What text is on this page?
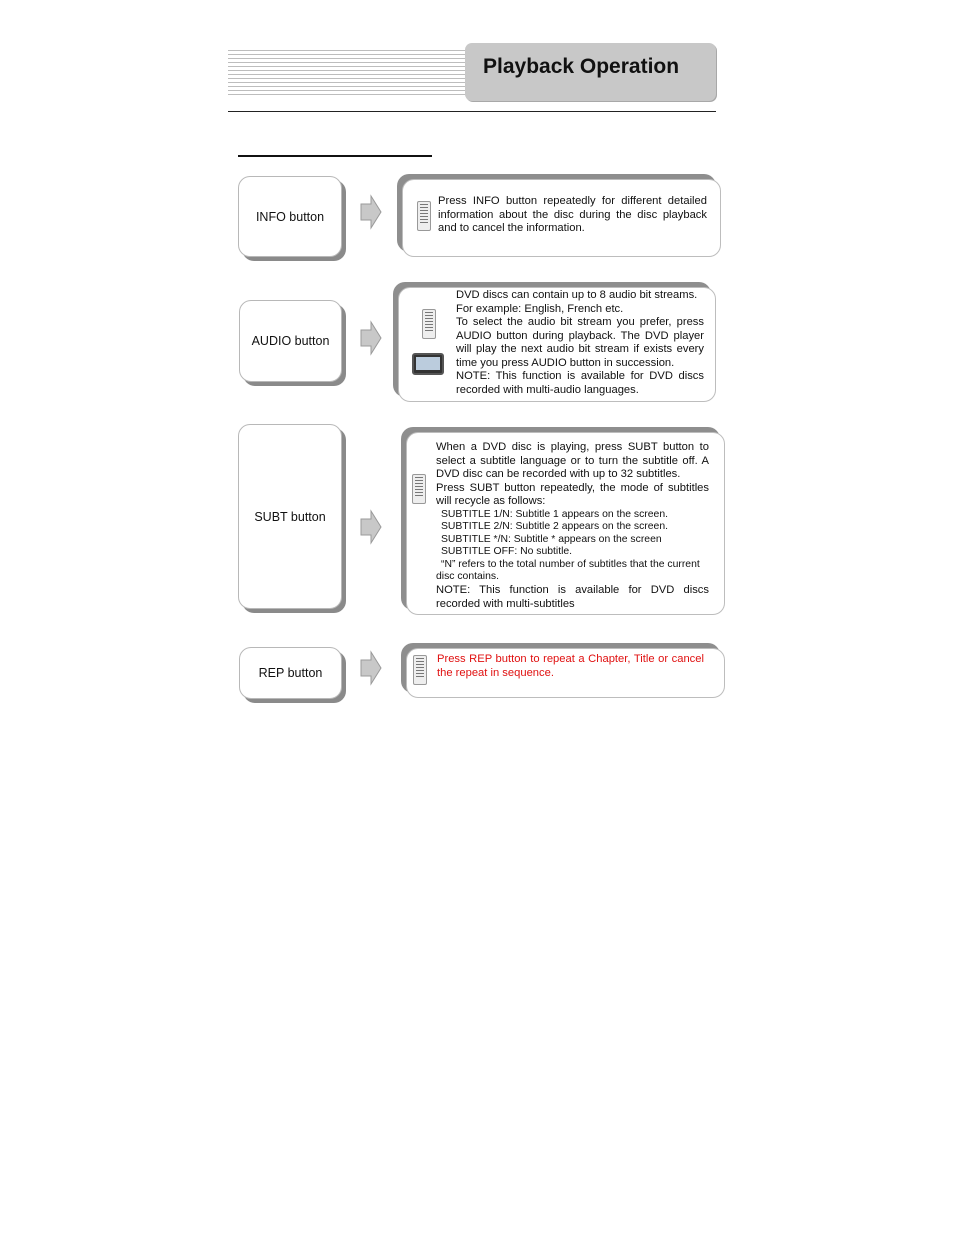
Playback Operation
INFO button

Press INFO button repeatedly for different detailed information about the disc during the disc playback and to cancel the information.

AUDIO button

DVD discs can contain up to 8 audio bit streams.

For example: English, French etc.

To select the audio bit stream you prefer, press AUDIO button during playback. The DVD player will play the next audio bit stream if exists every time you press AUDIO button in succession.

NOTE: This function is available for DVD discs recorded with multi-audio languages.

SUBT button

When a DVD disc is playing, press SUBT button to select a subtitle language or to turn the subtitle off. A DVD disc can be recorded with up to 32 subtitles.

Press SUBT button repeatedly, the mode of subtitles will recycle as follows:

SUBTITLE 1/N: Subtitle 1 appears on the screen.

SUBTITLE 2/N: Subtitle 2 appears on the screen.

SUBTITLE */N: Subtitle * appears on the screen

SUBTITLE OFF: No subtitle.

“N” refers to the total number of subtitles that the current disc contains.

NOTE: This function is available for DVD discs recorded with multi-subtitles

REP button

Press REP button to repeat a Chapter, Title or cancel the repeat in sequence.
